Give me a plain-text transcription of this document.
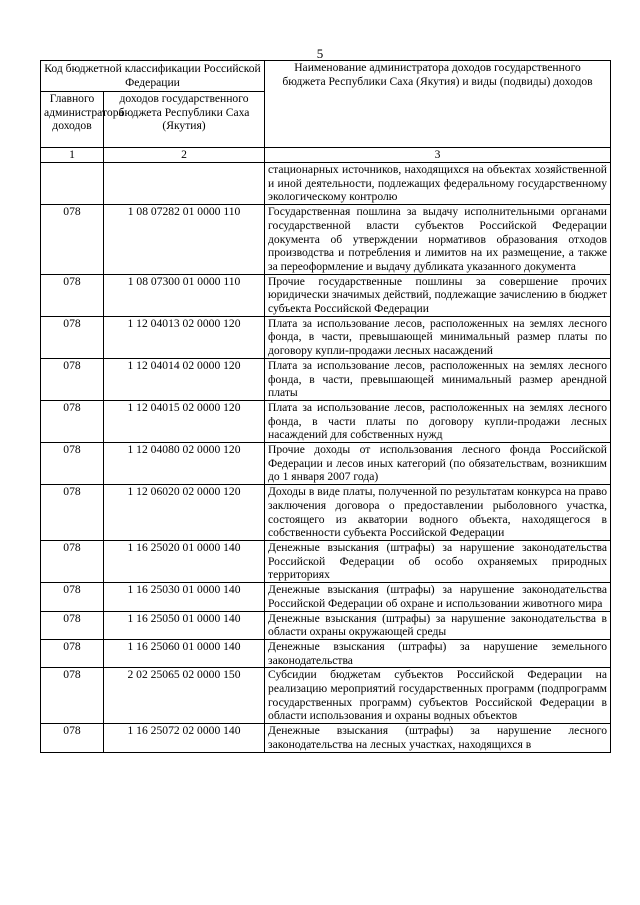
5
Код бюджетной классификации Российской Федерации		Наименование администратора доходов государственного бюджета Республики Саха (Якутия) и виды (подвиды) доходов
Главного администратора доходов	доходов государственного бюджета Республики Саха (Якутия)	
1	2	3
		стационарных источников, находящихся на объектах хозяйственной и иной деятельности, подлежащих федеральному государственному экологическому контролю
078	1 08 07282 01 0000 110	Государственная пошлина за выдачу исполнительными органами государственной власти субъектов Российской Федерации документа об утверждении нормативов образования отходов производства и потребления и лимитов на их размещение, а также за переоформление и выдачу дубликата указанного документа
078	1 08 07300 01 0000 110	Прочие государственные пошлины за совершение прочих юридически значимых действий, подлежащие зачислению в бюджет субъекта Российской Федерации
078	1 12 04013 02 0000 120	Плата за использование лесов, расположенных на землях лесного фонда, в части, превышающей минимальный размер платы по договору купли-продажи лесных насаждений
078	1 12 04014 02 0000 120	Плата за использование лесов, расположенных на землях лесного фонда, в части, превышающей минимальный размер арендной платы
078	1 12 04015 02 0000 120	Плата за использование лесов, расположенных на землях лесного фонда, в части платы по договору купли-продажи лесных насаждений для собственных нужд
078	1 12 04080 02 0000 120	Прочие доходы от использования лесного фонда Российской Федерации и лесов иных категорий (по обязательствам, возникшим до 1 января 2007 года)
078	1 12 06020 02 0000 120	Доходы в виде платы, полученной по результатам конкурса на право заключения договора о предоставлении рыболовного участка, состоящего из акватории водного объекта, находящегося в собственности субъекта Российской Федерации
078	1 16 25020 01 0000 140	Денежные взыскания (штрафы) за нарушение законодательства Российской Федерации об особо охраняемых природных территориях
078	1 16 25030 01 0000 140	Денежные взыскания (штрафы) за нарушение законодательства Российской Федерации об охране и использовании животного мира
078	1 16 25050 01 0000 140	Денежные взыскания (штрафы) за нарушение законодательства в области охраны окружающей среды
078	1 16 25060 01 0000 140	Денежные взыскания (штрафы) за нарушение земельного законодательства
078	2 02 25065 02 0000 150	Субсидии бюджетам субъектов Российской Федерации на реализацию мероприятий государственных программ (подпрограмм государственных программ) субъектов Российской Федерации в области использования и охраны водных объектов
078	1 16 25072 02 0000 140	Денежные взыскания (штрафы) за нарушение лесного законодательства на лесных участках, находящихся в
